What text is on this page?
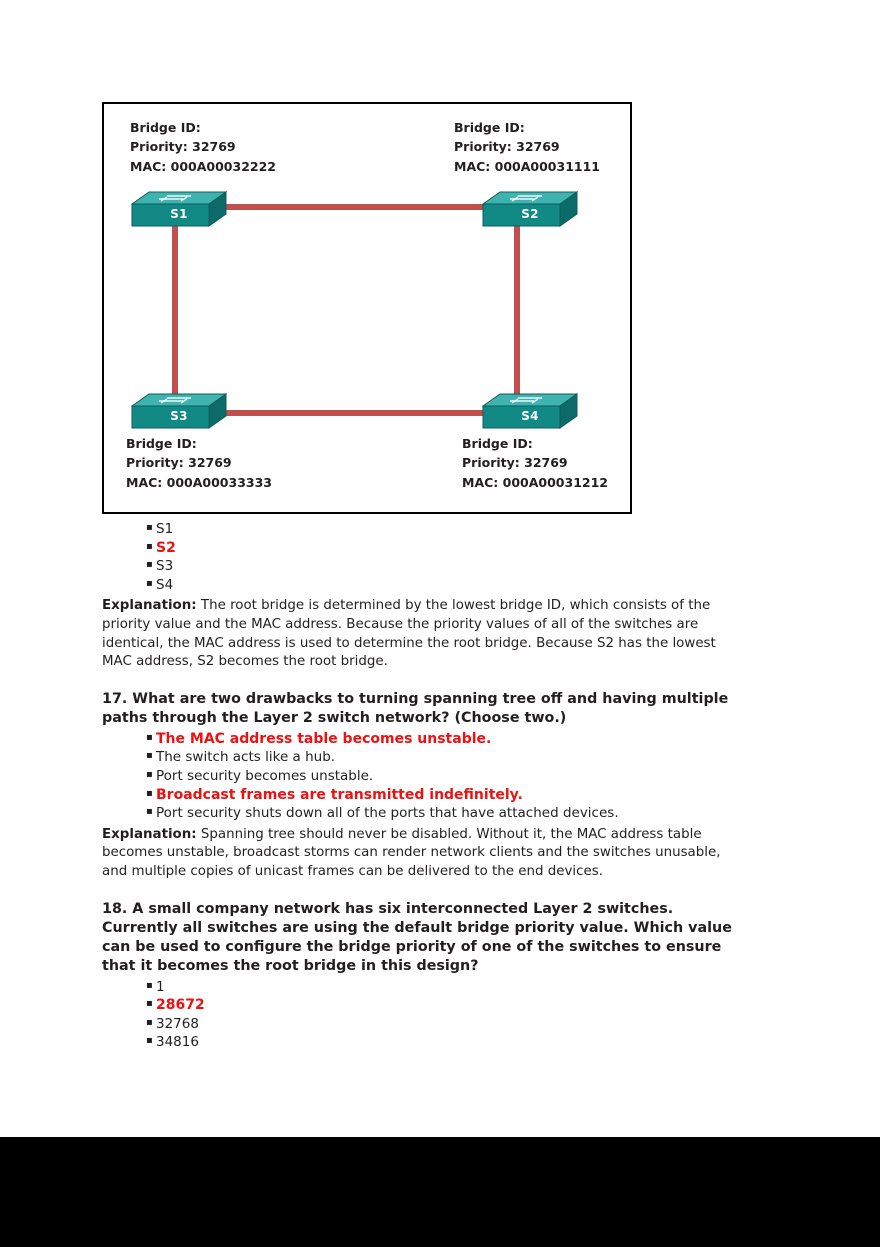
Bridge ID:
Priority: 32769
MAC: 000A00032222
Bridge ID:
Priority: 32769
MAC: 000A00031111
Bridge ID:
Priority: 32769
MAC: 000A00033333
Bridge ID:
Priority: 32769
MAC: 000A00031212
S1	S2
S3	S4
▪ S1
▪ S2
▪ S3
▪ S4

Explanation: The root bridge is determined by the lowest bridge ID, which consists of the priority value and the MAC address. Because the priority values of all of the switches are identical, the MAC address is used to determine the root bridge. Because S2 has the lowest MAC address, S2 becomes the root bridge.

17. What are two drawbacks to turning spanning tree off and having multiple paths through the Layer 2 switch network? (Choose two.)

▪ The MAC address table becomes unstable.
▪ The switch acts like a hub.
▪ Port security becomes unstable.
▪ Broadcast frames are transmitted indefinitely.
▪ Port security shuts down all of the ports that have attached devices.

Explanation: Spanning tree should never be disabled. Without it, the MAC address table becomes unstable, broadcast storms can render network clients and the switches unusable, and multiple copies of unicast frames can be delivered to the end devices.

18. A small company network has six interconnected Layer 2 switches. Currently all switches are using the default bridge priority value. Which value can be used to configure the bridge priority of one of the switches to ensure that it becomes the root bridge in this design?

▪ 1
▪ 28672
▪ 32768
▪ 34816
